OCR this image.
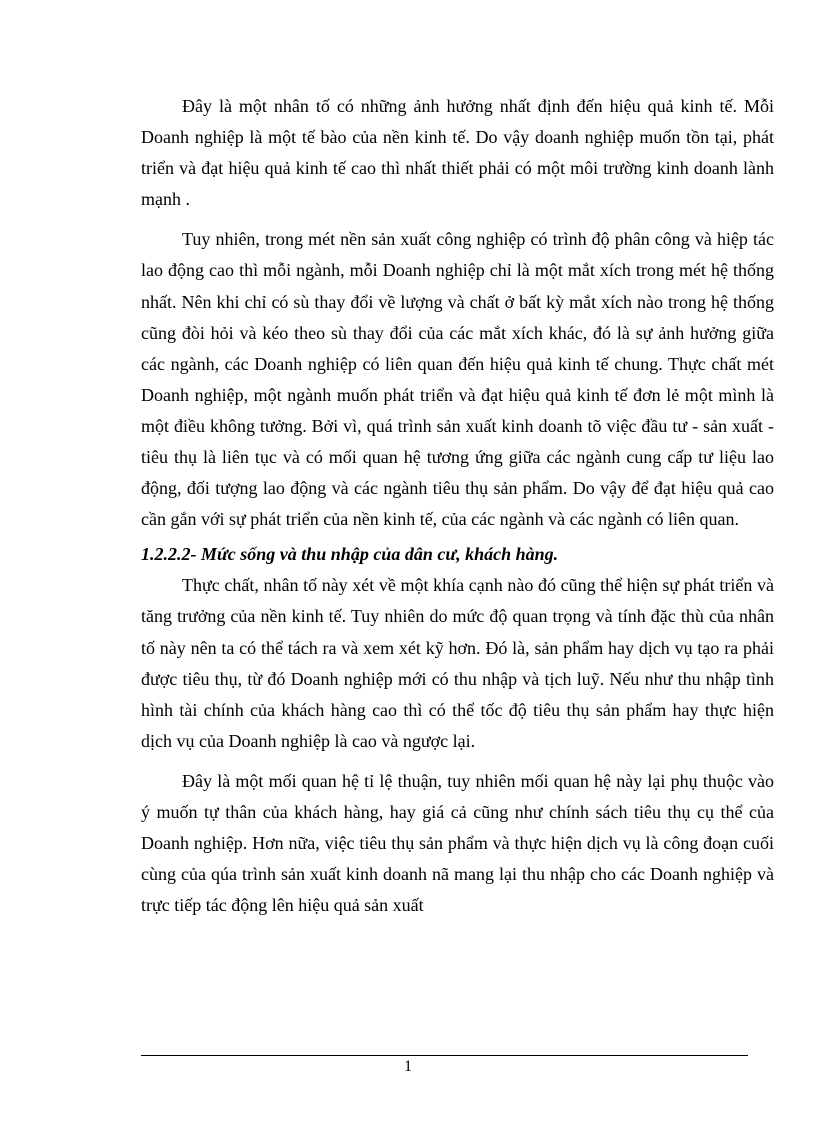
Đây là một nhân tố có những ảnh hưởng nhất định đến hiệu quả kinh tế. Mỗi Doanh nghiệp là một tế bào của nền kinh tế. Do vậy doanh nghiệp muốn tồn tại, phát triển và đạt hiệu quả kinh tế cao thì nhất thiết phải có một môi trường kinh doanh lành mạnh .

Tuy nhiên, trong mét nền sản xuất công nghiệp có trình độ phân công và hiệp tác lao động cao thì mỗi ngành, mỗi Doanh nghiệp chỉ là một mắt xích trong mét hệ thống nhất. Nên khi chỉ có sù thay đổi về lượng và chất ở bất kỳ mắt xích nào trong hệ thống cũng đòi hỏi và kéo theo sù thay đổi của các mắt xích khác, đó là sự ảnh hưởng giữa các ngành, các Doanh nghiệp có liên quan đến hiệu quả kinh tế chung. Thực chất mét Doanh nghiệp, một ngành muốn phát triển và đạt hiệu quả kinh tế đơn lẻ một mình là một điều không tưởng. Bởi vì, quá trình sản xuất kinh doanh tõ việc đầu tư - sản xuất - tiêu thụ là liên tục và có mối quan hệ tương ứng giữa các ngành cung cấp tư liệu lao động, đối tượng lao động và các ngành tiêu thụ sản phẩm. Do vậy để đạt hiệu quả cao cần gắn với sự phát triển của nền kinh tế, của các ngành và các ngành có liên quan.

1.2.2.2- Mức sống và thu nhập của dân cư, khách hàng.

Thực chất, nhân tố này xét về một khía cạnh nào đó cũng thể hiện sự phát triển và tăng trưởng của nền kinh tế. Tuy nhiên do mức độ quan trọng và tính đặc thù của nhân tố này nên ta có thể tách ra và xem xét kỹ hơn. Đó là, sản phẩm hay dịch vụ tạo ra phải được tiêu thụ, từ đó Doanh nghiệp mới có thu nhập và tịch luỹ. Nếu như thu nhập tình hình tài chính của khách hàng cao thì có thể tốc độ tiêu thụ sản phẩm hay thực hiện dịch vụ của Doanh nghiệp là cao và ngược lại.

Đây là một mối quan hệ tỉ lệ thuận, tuy nhiên mối quan hệ này lại phụ thuộc vào ý muốn tự thân của khách hàng, hay giá cả cũng như chính sách tiêu thụ cụ thể của Doanh nghiệp. Hơn nữa, việc tiêu thụ sản phẩm và thực hiện dịch vụ là công đoạn cuối cùng của qúa trình sản xuất kinh doanh nã mang lại thu nhập cho các Doanh nghiệp và trực tiếp tác động lên hiệu quả sản xuất

1
